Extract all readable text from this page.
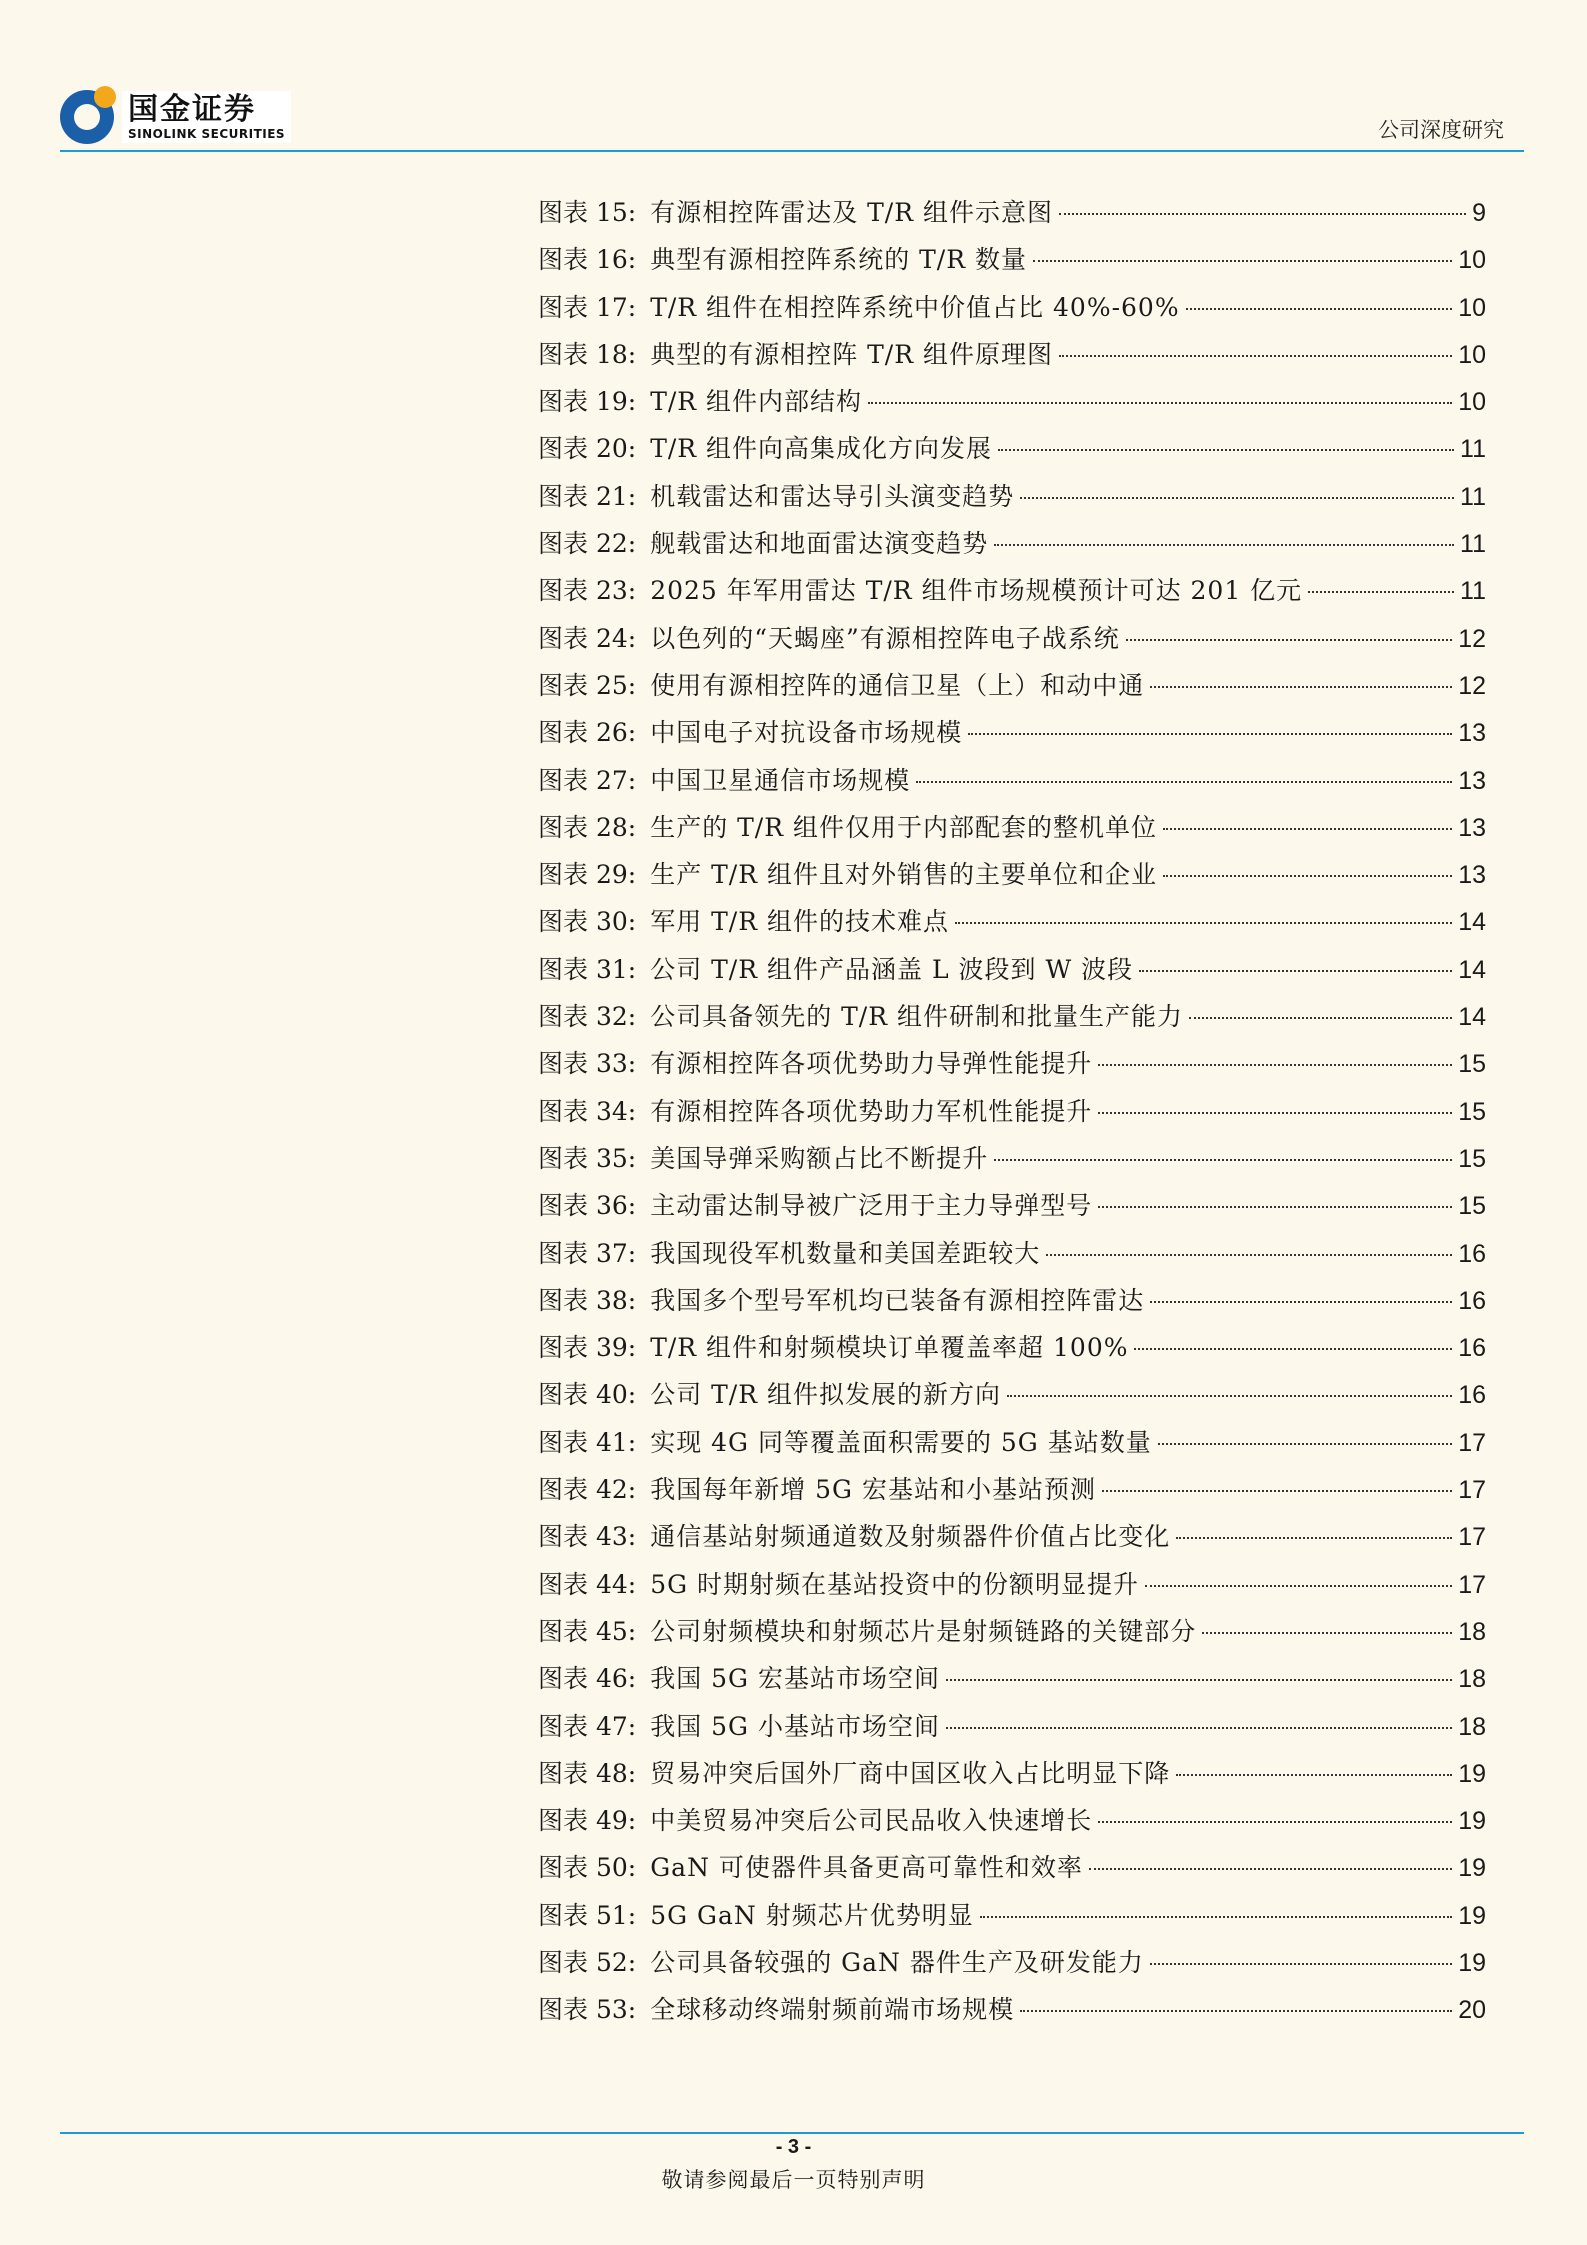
国金证券
SINOLINK SECURITIES	公司深度研究
图表 15: 有源相控阵雷达及 T/R 组件示意图	9
图表 16: 典型有源相控阵系统的 T/R 数量	10
图表 17: T/R 组件在相控阵系统中价值占比 40%-60%	10
图表 18: 典型的有源相控阵 T/R 组件原理图	10
图表 19: T/R 组件内部结构	10
图表 20: T/R 组件向高集成化方向发展	11
图表 21: 机载雷达和雷达导引头演变趋势	11
图表 22: 舰载雷达和地面雷达演变趋势	11
图表 23: 2025 年军用雷达 T/R 组件市场规模预计可达 201 亿元	11
图表 24: 以色列的“天蝎座”有源相控阵电子战系统	12
图表 25: 使用有源相控阵的通信卫星（上）和动中通	12
图表 26: 中国电子对抗设备市场规模	13
图表 27: 中国卫星通信市场规模	13
图表 28: 生产的 T/R 组件仅用于内部配套的整机单位	13
图表 29: 生产 T/R 组件且对外销售的主要单位和企业	13
图表 30: 军用 T/R 组件的技术难点	14
图表 31: 公司 T/R 组件产品涵盖 L 波段到 W 波段	14
图表 32: 公司具备领先的 T/R 组件研制和批量生产能力	14
图表 33: 有源相控阵各项优势助力导弹性能提升	15
图表 34: 有源相控阵各项优势助力军机性能提升	15
图表 35: 美国导弹采购额占比不断提升	15
图表 36: 主动雷达制导被广泛用于主力导弹型号	15
图表 37: 我国现役军机数量和美国差距较大	16
图表 38: 我国多个型号军机均已装备有源相控阵雷达	16
图表 39: T/R 组件和射频模块订单覆盖率超 100%	16
图表 40: 公司 T/R 组件拟发展的新方向	16
图表 41: 实现 4G 同等覆盖面积需要的 5G 基站数量	17
图表 42: 我国每年新增 5G 宏基站和小基站预测	17
图表 43: 通信基站射频通道数及射频器件价值占比变化	17
图表 44: 5G 时期射频在基站投资中的份额明显提升	17
图表 45: 公司射频模块和射频芯片是射频链路的关键部分	18
图表 46: 我国 5G 宏基站市场空间	18
图表 47: 我国 5G 小基站市场空间	18
图表 48: 贸易冲突后国外厂商中国区收入占比明显下降	19
图表 49: 中美贸易冲突后公司民品收入快速增长	19
图表 50: GaN 可使器件具备更高可靠性和效率	19
图表 51: 5G GaN 射频芯片优势明显	19
图表 52: 公司具备较强的 GaN 器件生产及研发能力	19
图表 53: 全球移动终端射频前端市场规模	20
- 3 -
敬请参阅最后一页特别声明
